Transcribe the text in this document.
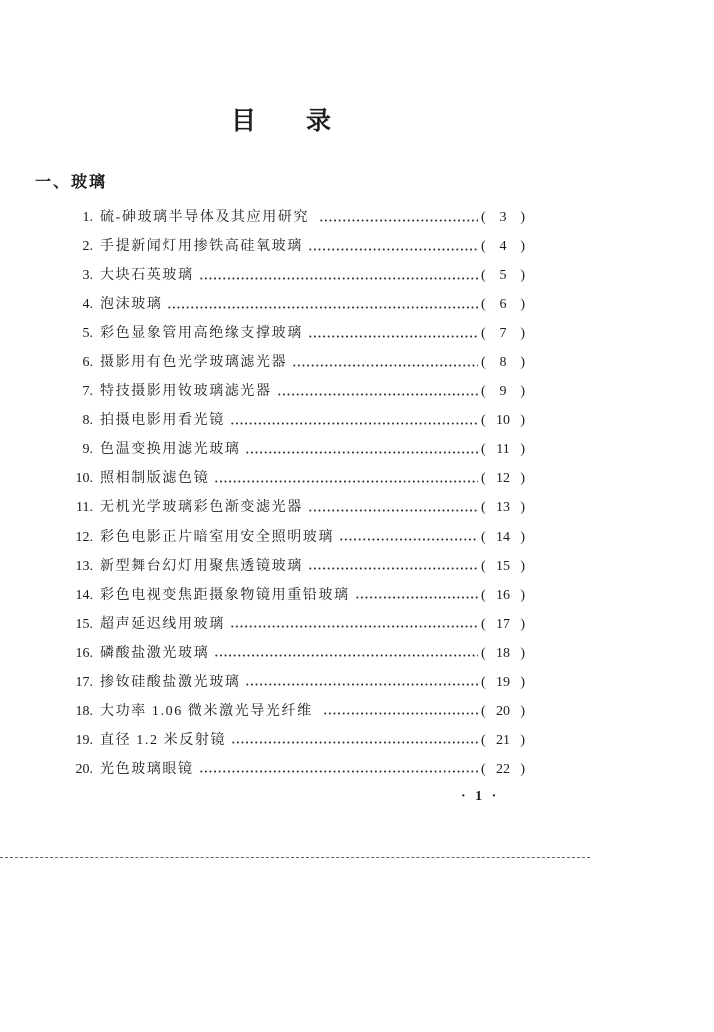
目 录
一、玻璃
1. 硫-砷玻璃半导体及其应用研究	( 3 )
2. 手提新闻灯用掺铁高硅氧玻璃	( 4 )
3. 大块石英玻璃	( 5 )
4. 泡沫玻璃	( 6 )
5. 彩色显象管用高绝缘支撑玻璃	( 7 )
6. 摄影用有色光学玻璃滤光器	( 8 )
7. 特技摄影用钕玻璃滤光器	( 9 )
8. 拍摄电影用看光镜	( 10 )
9. 色温变换用滤光玻璃	( 11 )
10. 照相制版滤色镜	( 12 )
11. 无机光学玻璃彩色渐变滤光器	( 13 )
12. 彩色电影正片暗室用安全照明玻璃	( 14 )
13. 新型舞台幻灯用聚焦透镜玻璃	( 15 )
14. 彩色电视变焦距摄象物镜用重铅玻璃	( 16 )
15. 超声延迟线用玻璃	( 17 )
16. 磷酸盐激光玻璃	( 18 )
17. 掺钕硅酸盐激光玻璃	( 19 )
18. 大功率 1.06 微米激光导光纤维	( 20 )
19. 直径 1.2 米反射镜	( 21 )
20. 光色玻璃眼镜	( 22 )
· 1 ·
